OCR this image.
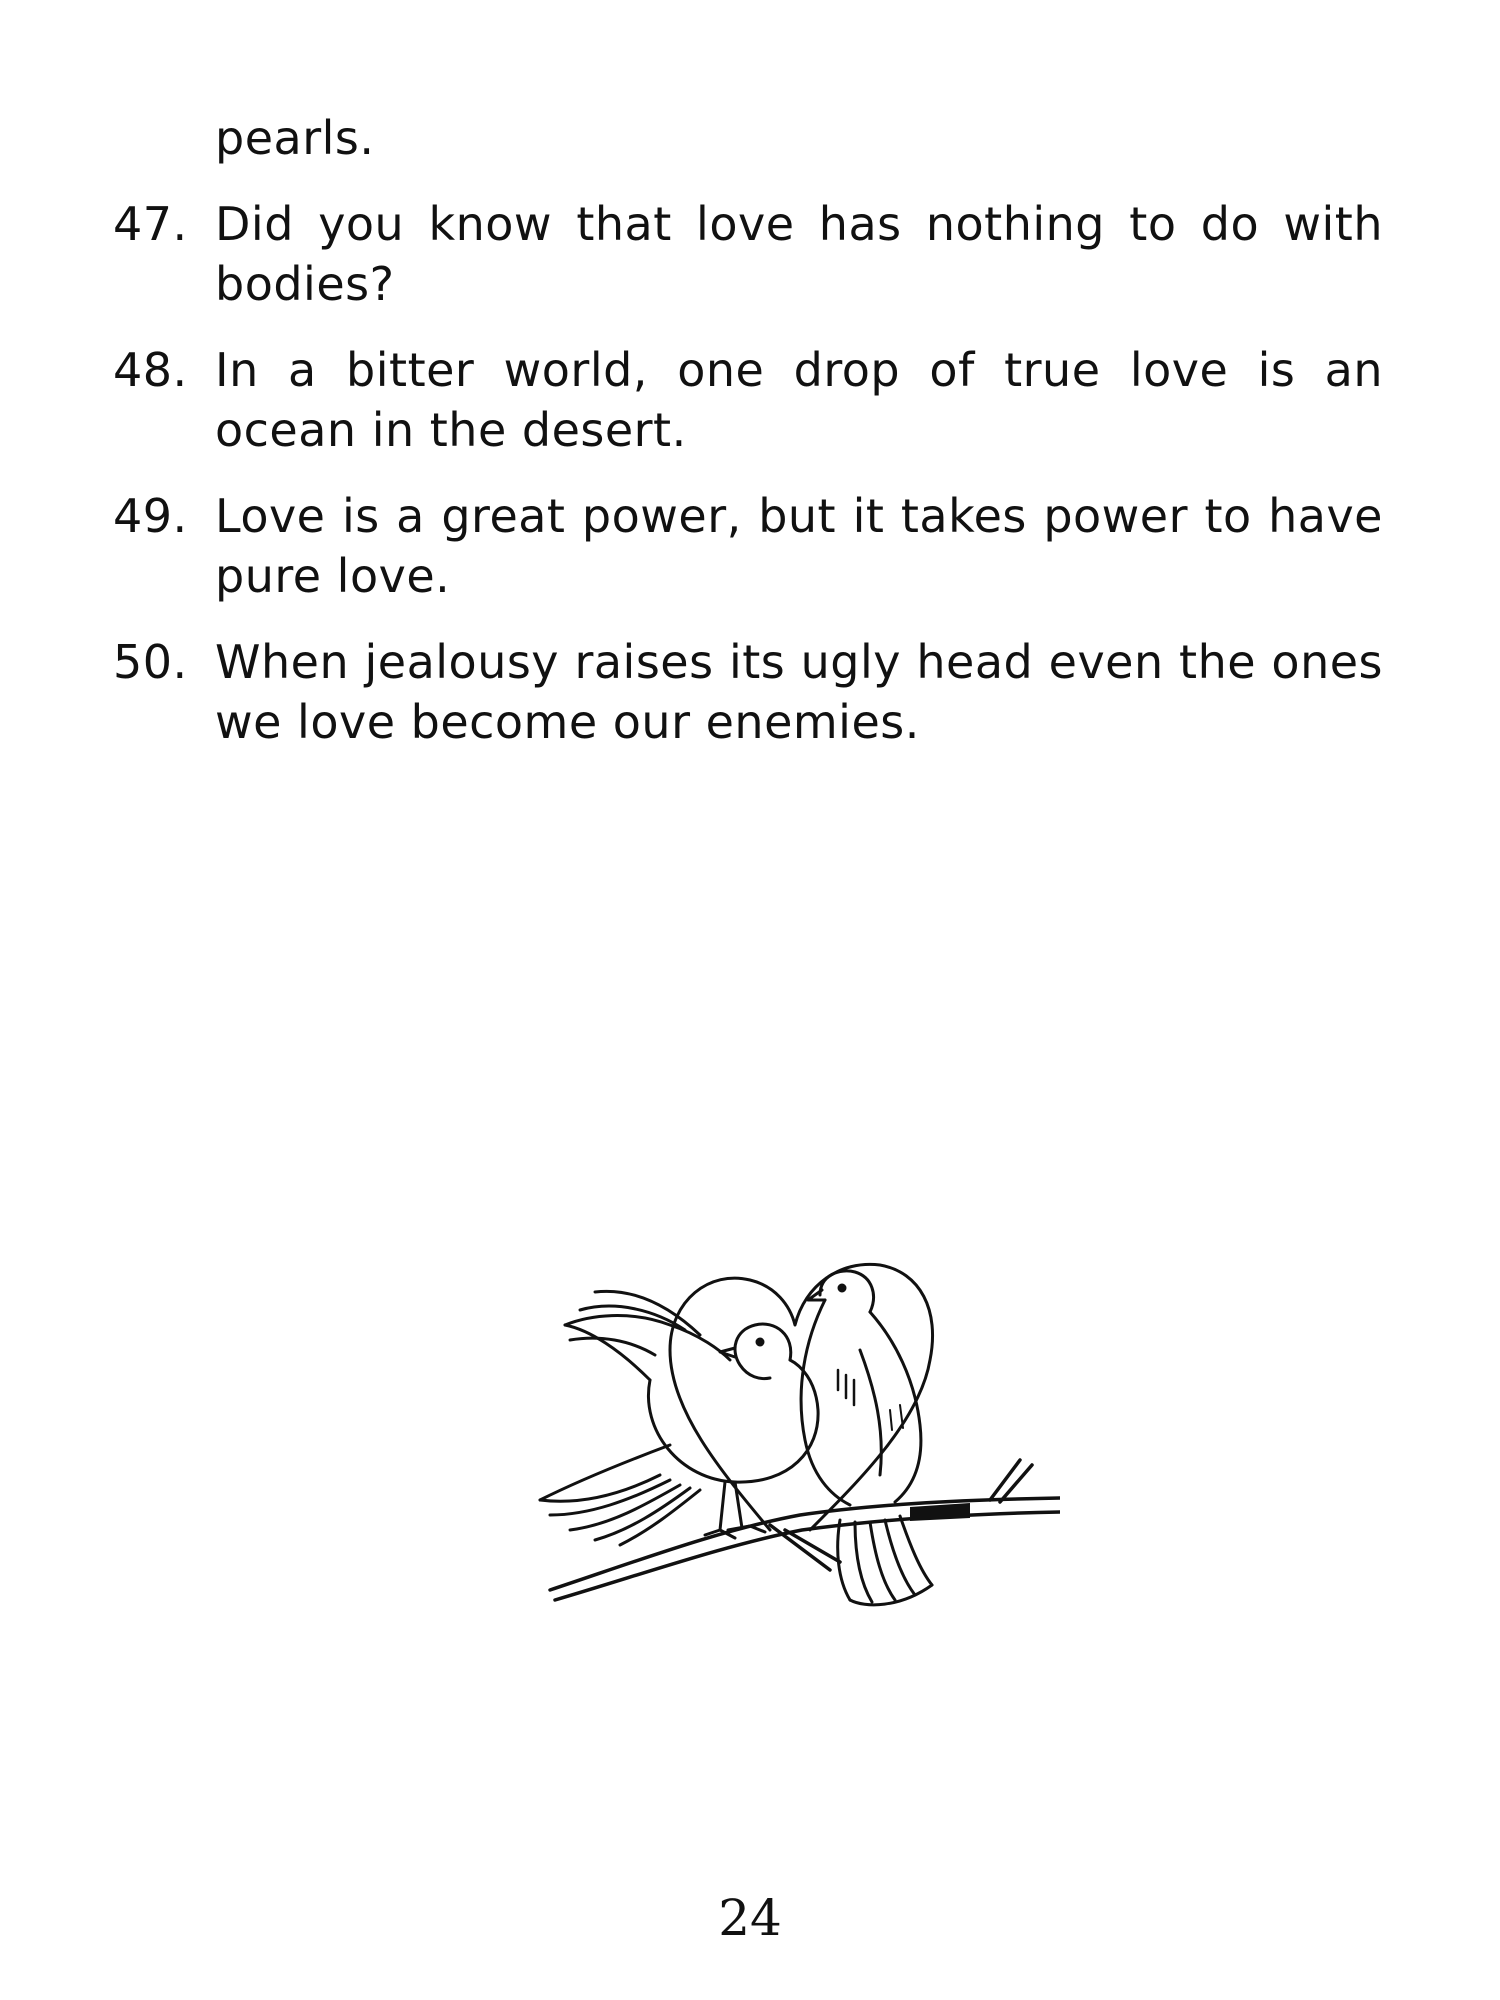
pearls.

47. Did you know that love has nothing to do with bodies?
48. In a bitter world, one drop of true love is an ocean in the desert.
49. Love is a great power, but it takes power to have pure love.
50. When jealousy raises its ugly head even the ones we love become our enemies.
24
